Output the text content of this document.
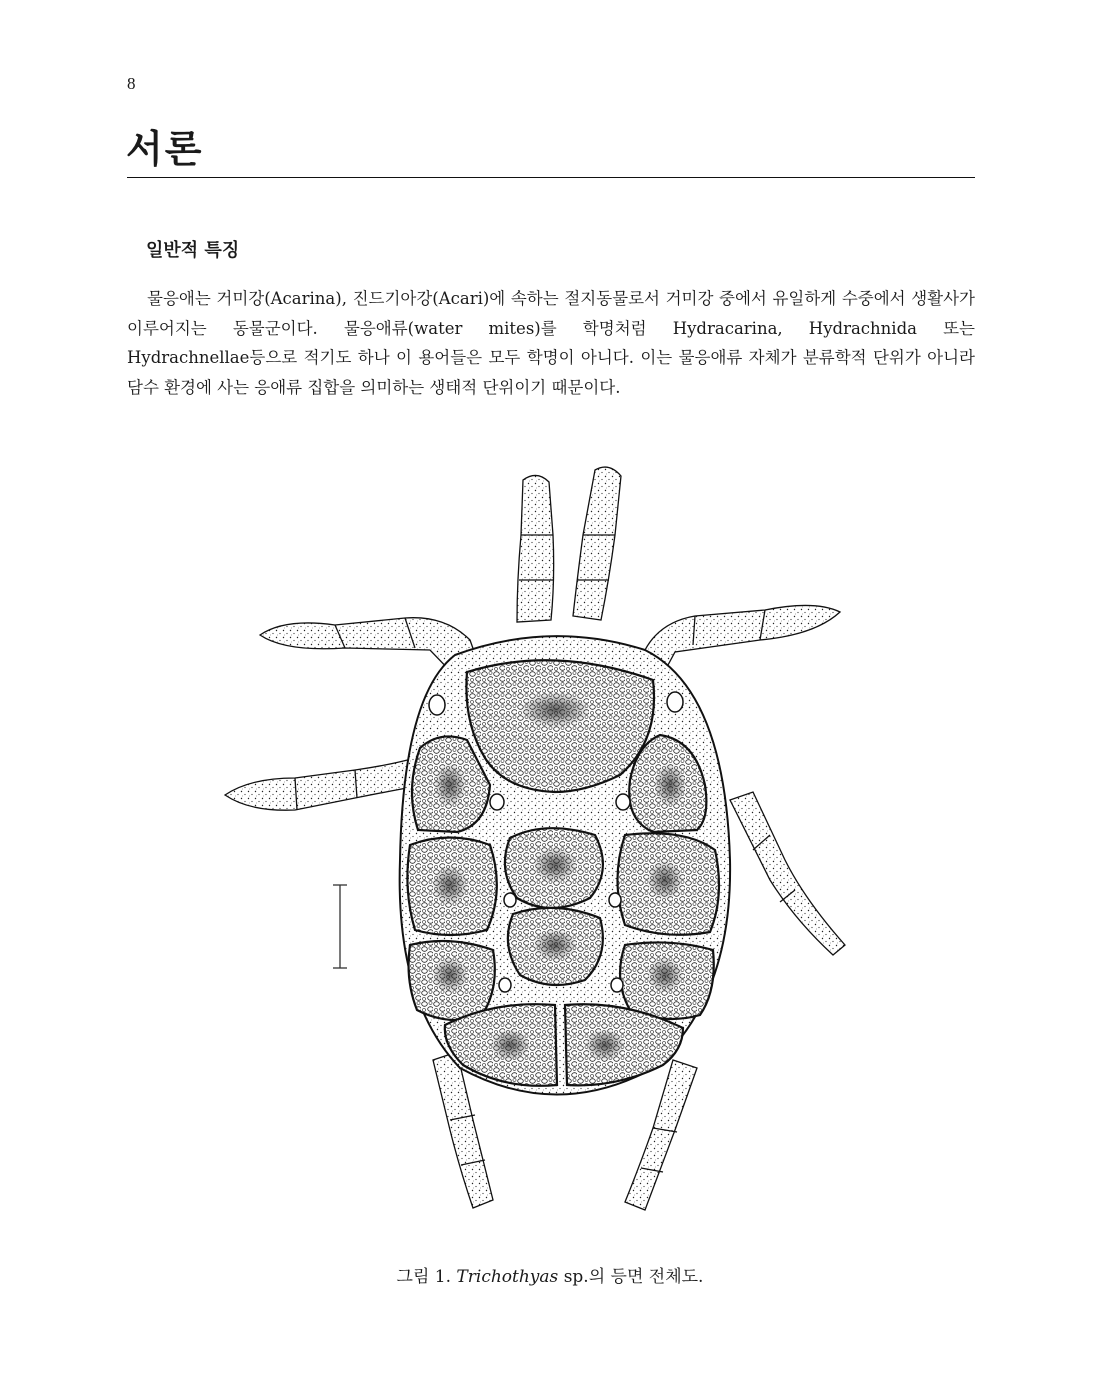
8
서론
일반적 특징

물응애는 거미강(Acarina), 진드기아강(Acari)에 속하는 절지동물로서 거미강 중에서 유일하게 수중에서 생활사가 이루어지는 동물군이다. 물응애류(water mites)를 학명처럼 Hydracarina, Hydrachnida 또는 Hydrachnellae등으로 적기도 하나 이 용어들은 모두 학명이 아니다. 이는 물응애류 자체가 분류학적 단위가 아니라 담수 환경에 사는 응애류 집합을 의미하는 생태적 단위이기 때문이다.

그림 1. Trichothyas sp.의 등면 전체도.
